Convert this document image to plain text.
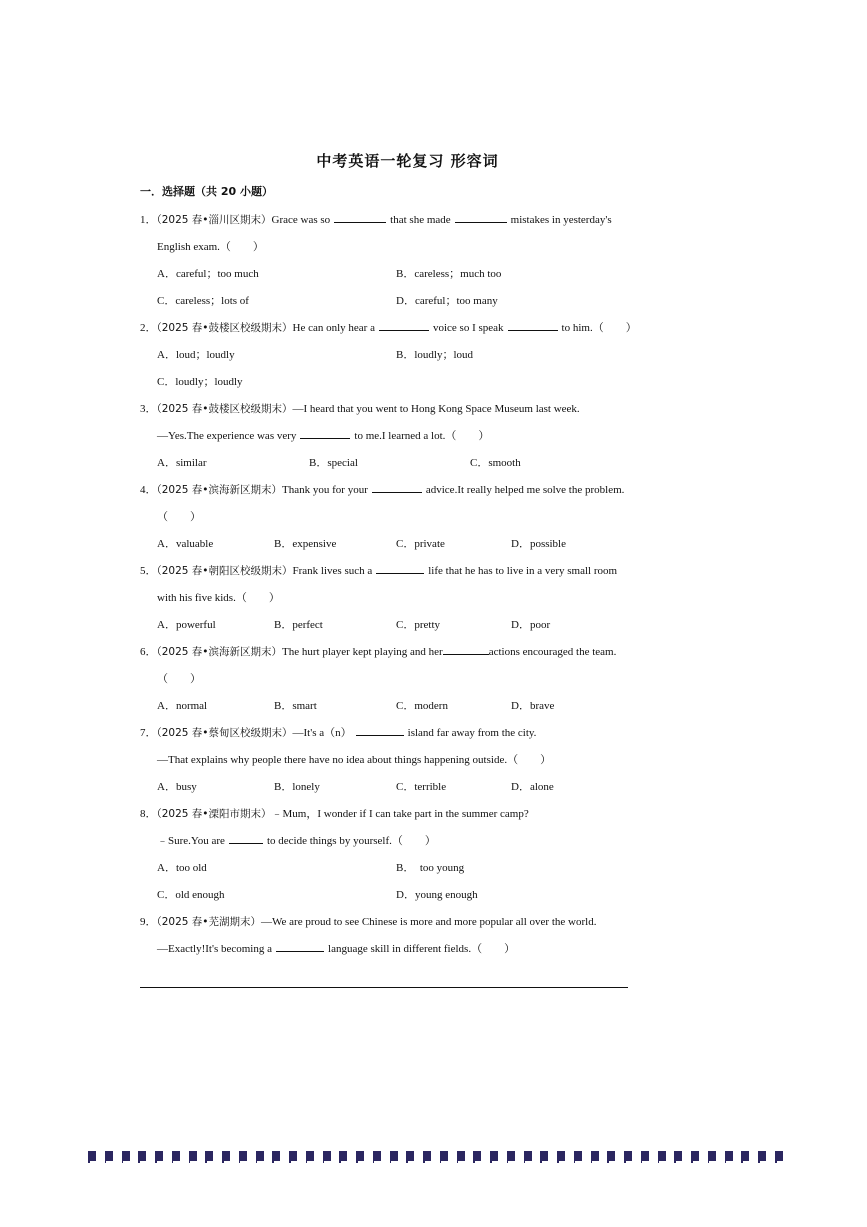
中考英语一轮复习 形容词
一．选择题（共 20 小题）
1．（2025 春•淄川区期末）Grace was so	that she made	mistakes in yesterday's
English exam.（　　）
A．careful；too much	B．careless；much too
C．careless；lots of	D．careful；too many
2．（2025 春•鼓楼区校级期末）He can only hear a	voice so I speak	to him.（　　）
A．loud；loudly	B．loudly；loud
C．loudly；loudly
3．（2025 春•鼓楼区校级期末）—I heard that you went to Hong Kong Space Museum last week.
—Yes.The experience was very	to me.I learned a lot.（　　）
A．similar	B．special	C．smooth
4．（2025 春•滨海新区期末）Thank you for your	advice.It really helped me solve the problem.
（　　）
A．valuable	B．expensive	C．private	D．possible
5．（2025 春•朝阳区校级期末）Frank lives such a	life that he has to live in a very small room
with his five kids.（　　）
A．powerful	B．perfect	C．pretty	D．poor
6．（2025 春•滨海新区期末）The hurt player kept playing and her	actions encouraged the team.
（　　）
A．normal	B．smart	C．modern	D．brave
7．（2025 春•蔡甸区校级期末）—It's a（n）	island far away from the city.
—That explains why people there have no idea about things happening outside.（　　）
A．busy	B．lonely	C．terrible	D．alone
8．（2025 春•溧阳市期末）﹣Mum，I wonder if I can take part in the summer camp?
﹣Sure.You are	to decide things by yourself.（　　）
A．too old	B．　too young
C．old enough	D．young enough
9．（2025 春•芜湖期末）—We are proud to see Chinese is more and more popular all over the world.
—Exactly!It's becoming a	language skill in different fields.（　　）
